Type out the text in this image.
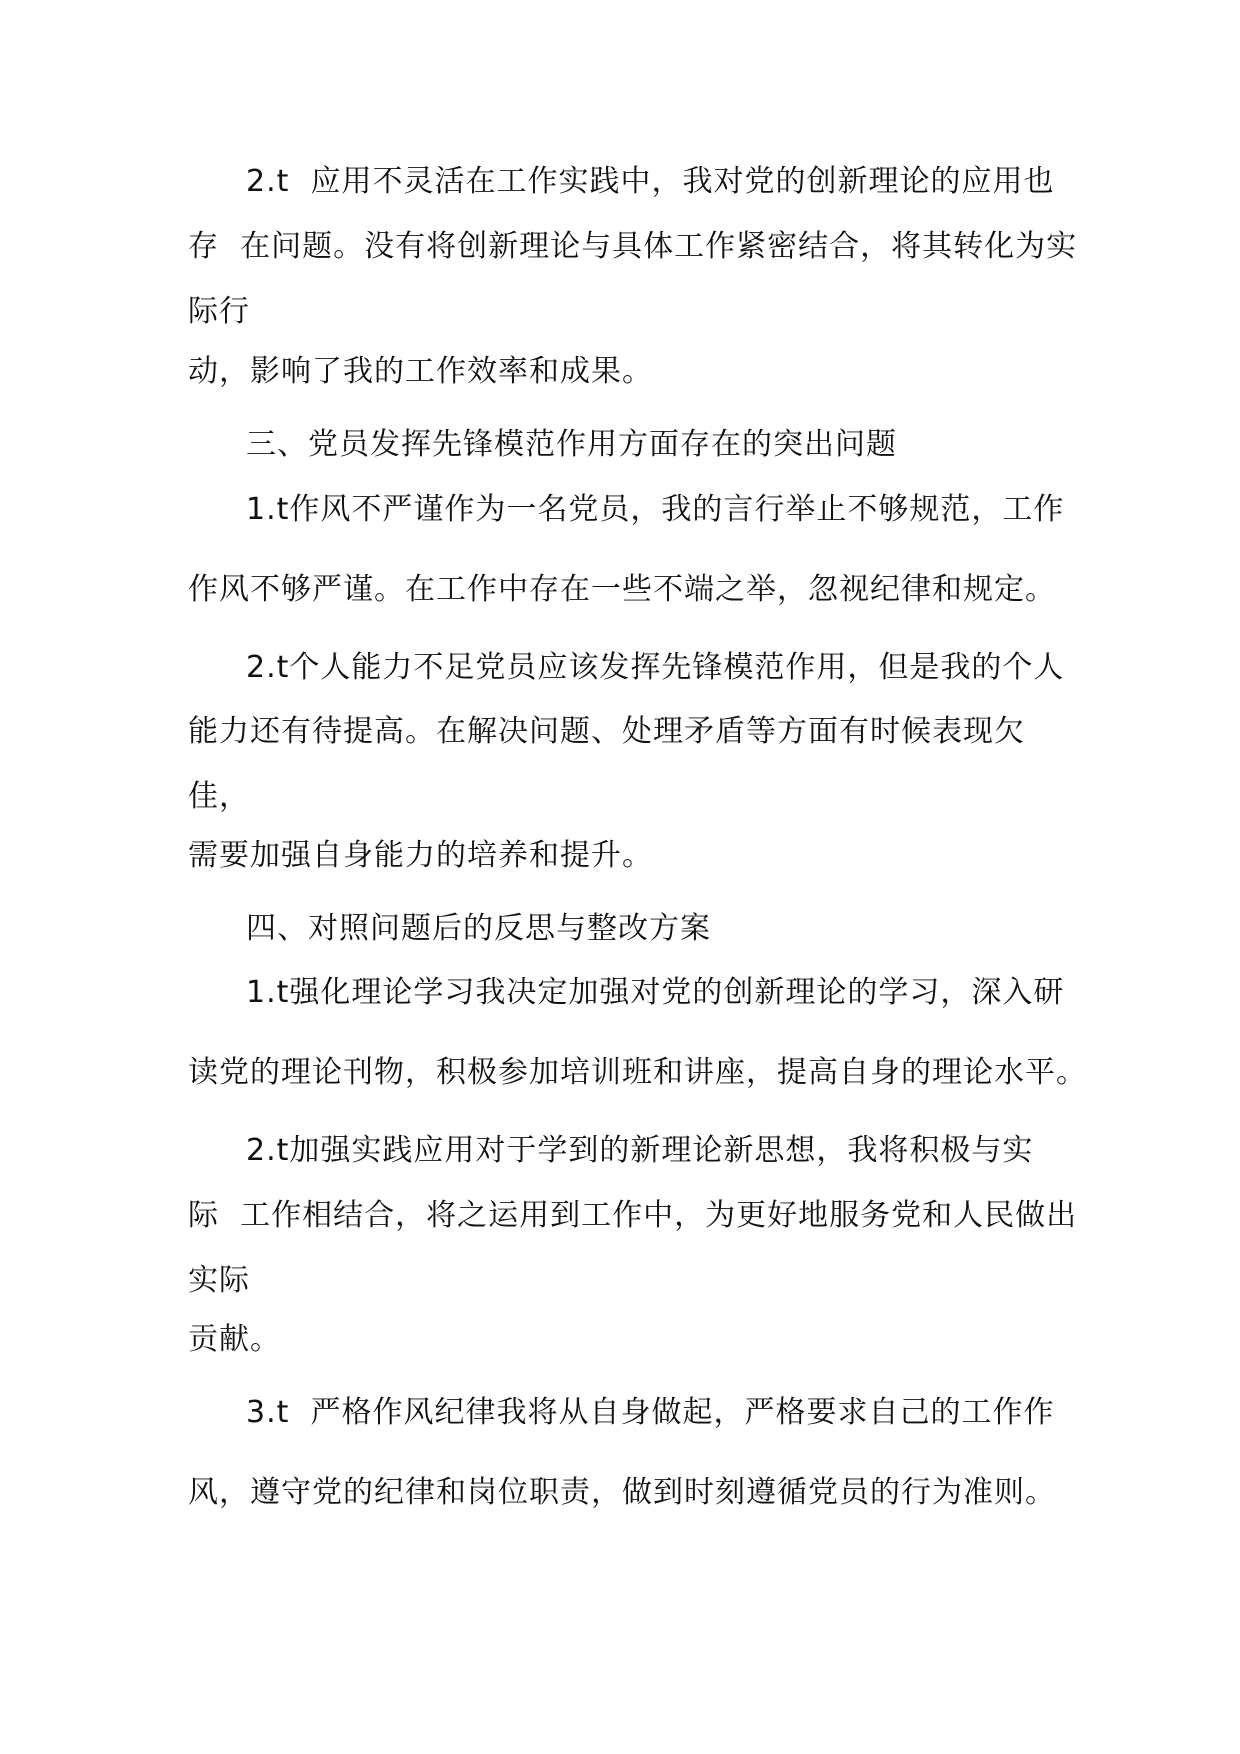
2.t  应用不灵活在工作实践中，我对党的创新理论的应用也
存  在问题。没有将创新理论与具体工作紧密结合，将其转化为实
际行
动，影响了我的工作效率和成果。
三、党员发挥先锋模范作用方面存在的突出问题
1.t作风不严谨作为一名党员，我的言行举止不够规范，工作
作风不够严谨。在工作中存在一些不端之举，忽视纪律和规定。
2.t个人能力不足党员应该发挥先锋模范作用，但是我的个人
能力还有待提高。在解决问题、处理矛盾等方面有时候表现欠
佳，
需要加强自身能力的培养和提升。
四、对照问题后的反思与整改方案
1.t强化理论学习我决定加强对党的创新理论的学习，深入研
读党的理论刊物，积极参加培训班和讲座，提高自身的理论水平。
2.t加强实践应用对于学到的新理论新思想，我将积极与实
际  工作相结合，将之运用到工作中，为更好地服务党和人民做出
实际
贡献。
3.t  严格作风纪律我将从自身做起，严格要求自己的工作作
风，遵守党的纪律和岗位职责，做到时刻遵循党员的行为准则。
